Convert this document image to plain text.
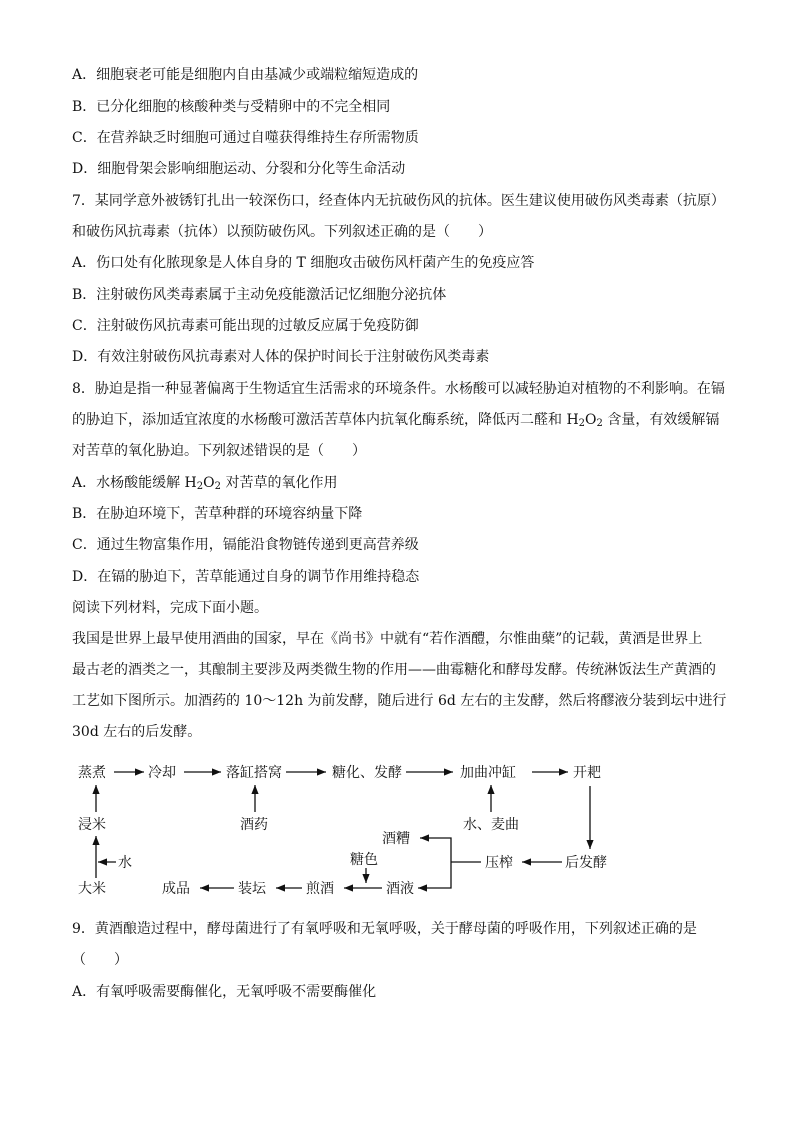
A．细胞衰老可能是细胞内自由基减少或端粒缩短造成的
B．已分化细胞的核酸种类与受精卵中的不完全相同
C．在营养缺乏时细胞可通过自噬获得维持生存所需物质
D．细胞骨架会影响细胞运动、分裂和分化等生命活动
7．某同学意外被锈钉扎出一较深伤口，经查体内无抗破伤风的抗体。医生建议使用破伤风类毒素（抗原）
和破伤风抗毒素（抗体）以预防破伤风。下列叙述正确的是（　　）
A．伤口处有化脓现象是人体自身的 T 细胞攻击破伤风杆菌产生的免疫应答
B．注射破伤风类毒素属于主动免疫能激活记忆细胞分泌抗体
C．注射破伤风抗毒素可能出现的过敏反应属于免疫防御
D．有效注射破伤风抗毒素对人体的保护时间长于注射破伤风类毒素
8．胁迫是指一种显著偏离于生物适宜生活需求的环境条件。水杨酸可以减轻胁迫对植物的不利影响。在镉
的胁迫下，添加适宜浓度的水杨酸可激活苦草体内抗氧化酶系统，降低丙二醛和 $H_2O_2$ 含量，有效缓解镉
对苦草的氧化胁迫。下列叙述错误的是（　　）
A．水杨酸能缓解 $H_2O_2$ 对苦草的氧化作用
B．在胁迫环境下，苦草种群的环境容纳量下降
C．通过生物富集作用，镉能沿食物链传递到更高营养级
D．在镉的胁迫下，苦草能通过自身的调节作用维持稳态
阅读下列材料，完成下面小题。
我国是世界上最早使用酒曲的国家，早在《尚书》中就有“若作酒醴，尔惟曲蘖”的记载，黄酒是世界上
最古老的酒类之一，其酿制主要涉及两类微生物的作用——曲霉糖化和酵母发酵。传统淋饭法生产黄酒的
工艺如下图所示。加酒药的 10～12h 为前发酵，随后进行 6d 左右的主发酵，然后将醪液分装到坛中进行
30d 左右的后发酵。
蒸煮	冷却	落缸搭窝	糖化、发酵	加曲冲缸	开耙
浸米	酒药	水、麦曲
酒糟
糖色
水	压榨	后发酵
大米	成品	装坛	煎酒	酒液
9．黄酒酿造过程中，酵母菌进行了有氧呼吸和无氧呼吸，关于酵母菌的呼吸作用，下列叙述正确的是
（　　）
A．有氧呼吸需要酶催化，无氧呼吸不需要酶催化
